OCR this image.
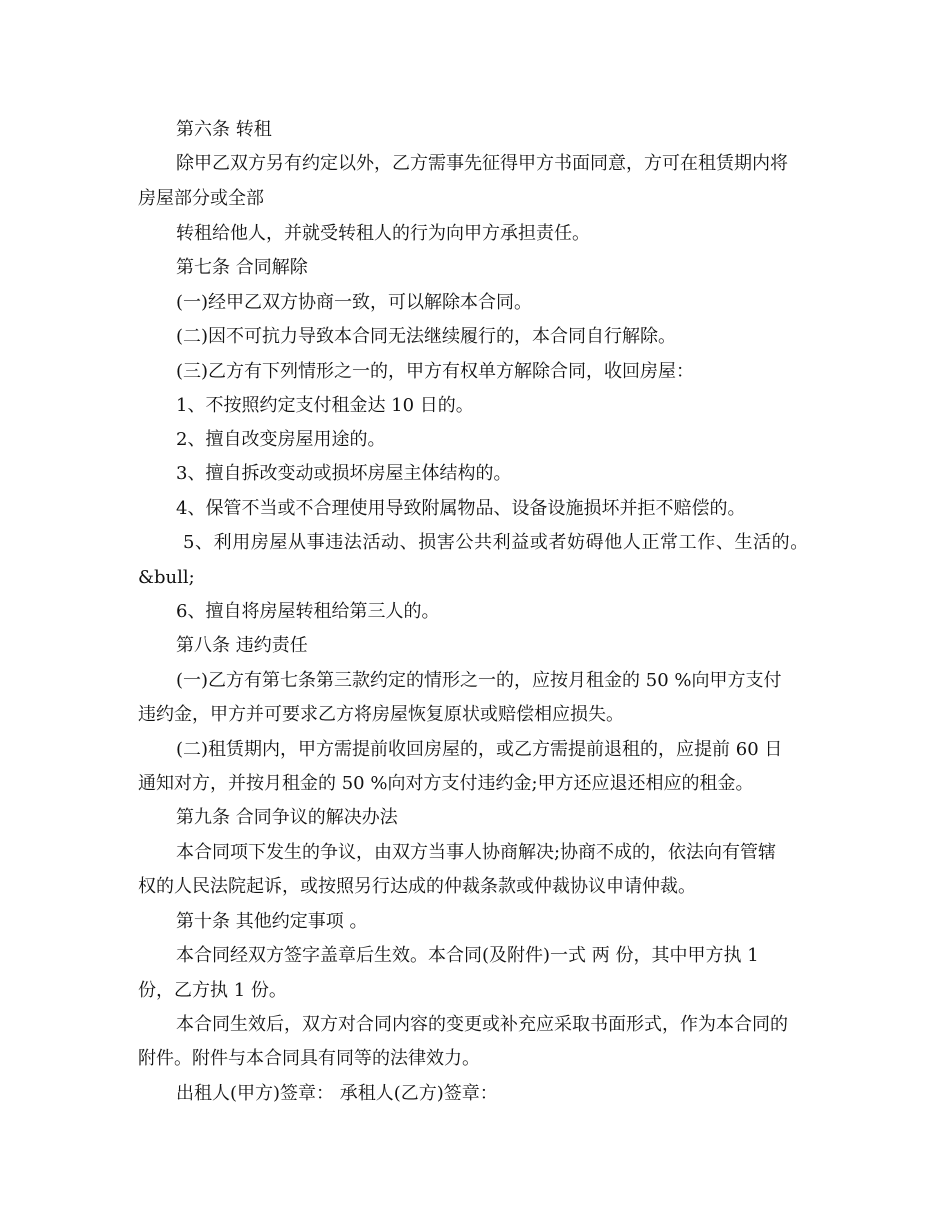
第六条 转租
除甲乙双方另有约定以外，乙方需事先征得甲方书面同意，方可在租赁期内将
房屋部分或全部
转租给他人，并就受转租人的行为向甲方承担责任。
第七条 合同解除
(一)经甲乙双方协商一致，可以解除本合同。
(二)因不可抗力导致本合同无法继续履行的，本合同自行解除。
(三)乙方有下列情形之一的，甲方有权单方解除合同，收回房屋：
1、不按照约定支付租金达 10 日的。
2、擅自改变房屋用途的。
3、擅自拆改变动或损坏房屋主体结构的。
4、保管不当或不合理使用导致附属物品、设备设施损坏并拒不赔偿的。
5、利用房屋从事违法活动、损害公共利益或者妨碍他人正常工作、生活的。
&bull;
6、擅自将房屋转租给第三人的。
第八条 违约责任
(一)乙方有第七条第三款约定的情形之一的，应按月租金的 50 %向甲方支付
违约金，甲方并可要求乙方将房屋恢复原状或赔偿相应损失。
(二)租赁期内，甲方需提前收回房屋的，或乙方需提前退租的，应提前 60 日
通知对方，并按月租金的 50 %向对方支付违约金;甲方还应退还相应的租金。
第九条 合同争议的解决办法
本合同项下发生的争议，由双方当事人协商解决;协商不成的，依法向有管辖
权的人民法院起诉，或按照另行达成的仲裁条款或仲裁协议申请仲裁。
第十条 其他约定事项 。
本合同经双方签字盖章后生效。本合同(及附件)一式 两 份，其中甲方执 1
份，乙方执 1 份。
本合同生效后，双方对合同内容的变更或补充应采取书面形式，作为本合同的
附件。附件与本合同具有同等的法律效力。
出租人(甲方)签章： 承租人(乙方)签章：
